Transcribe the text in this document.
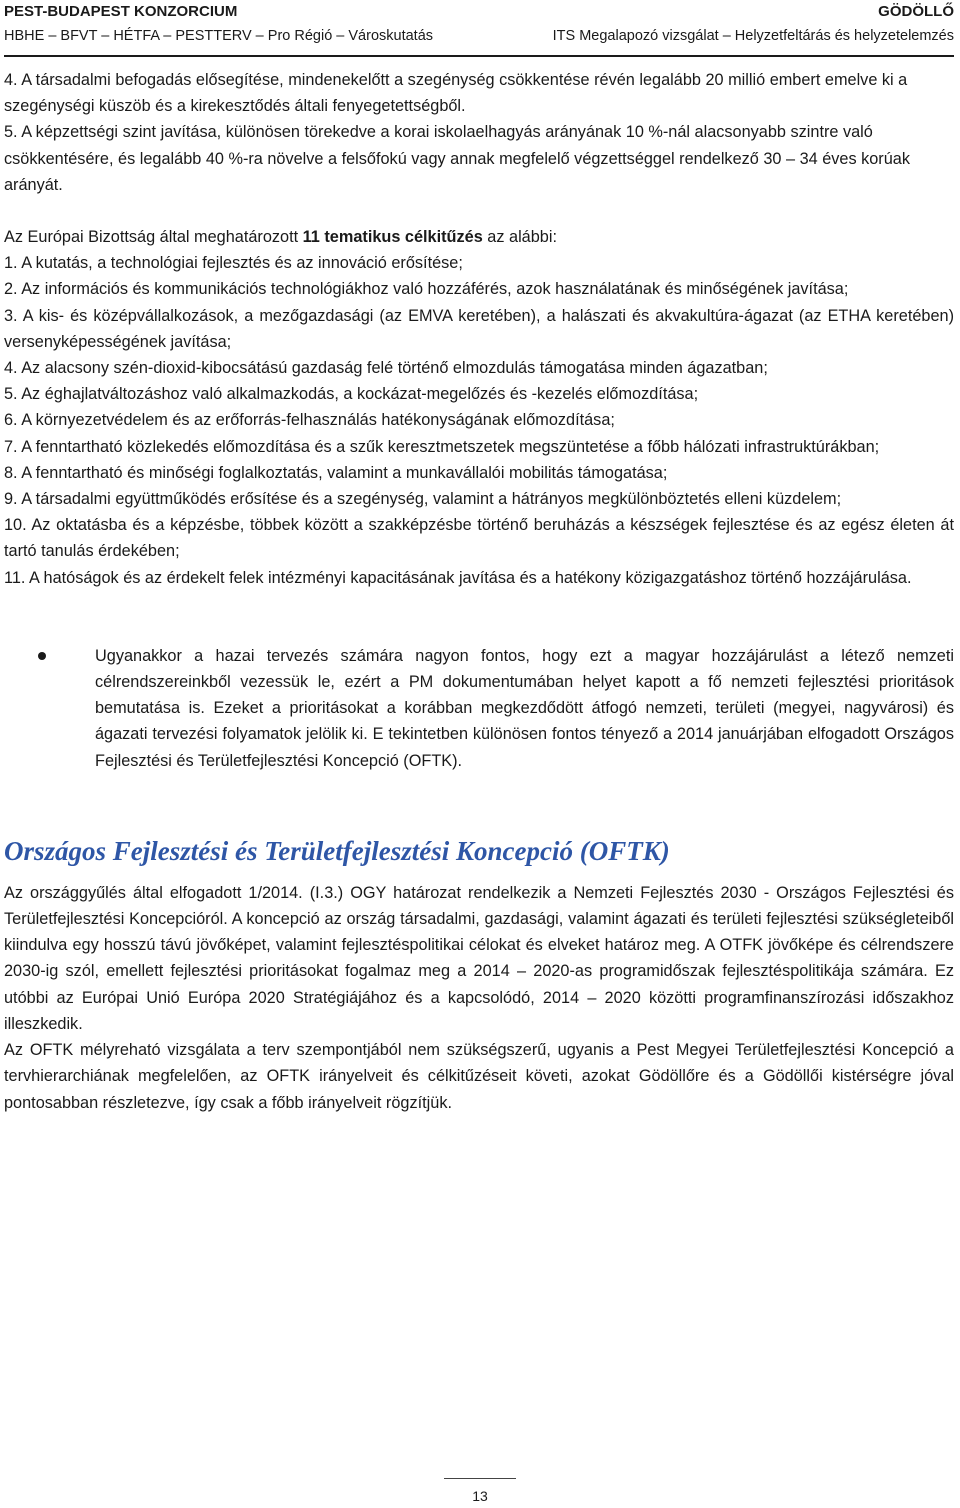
PEST-BUDAPEST KONZORCIUM	GÖDÖLLŐ
HBHE – BFVT – HÉTFA – PESTTERV – Pro Régió – Városkutatás	ITS Megalapozó vizsgálat – Helyzetfeltárás és helyzetelemzés

4. A társadalmi befogadás elősegítése, mindenekelőtt a szegénység csökkentése révén legalább 20 millió embert emelve ki a szegénységi küszöb és a kirekesztődés általi fenyegetettségből.

5. A képzettségi szint javítása, különösen törekedve a korai iskolaelhagyás arányának 10 %-nál alacsonyabb szintre való csökkentésére, és legalább 40 %-ra növelve a felsőfokú vagy annak megfelelő végzettséggel rendelkező 30 – 34 éves korúak arányát.

Az Európai Bizottság által meghatározott 11 tematikus célkitűzés az alábbi:

1. A kutatás, a technológiai fejlesztés és az innováció erősítése;

2. Az információs és kommunikációs technológiákhoz való hozzáférés, azok használatának és minőségének javítása;

3. A kis- és középvállalkozások, a mezőgazdasági (az EMVA keretében), a halászati és akvakultúra-ágazat (az ETHA keretében) versenyképességének javítása;

4. Az alacsony szén-dioxid-kibocsátású gazdaság felé történő elmozdulás támogatása minden ágazatban;

5. Az éghajlatváltozáshoz való alkalmazkodás, a kockázat-megelőzés és -kezelés előmozdítása;

6. A környezetvédelem és az erőforrás-felhasználás hatékonyságának előmozdítása;

7. A fenntartható közlekedés előmozdítása és a szűk keresztmetszetek megszüntetése a főbb hálózati infrastruktúrákban;

8. A fenntartható és minőségi foglalkoztatás, valamint a munkavállalói mobilitás támogatása;

9. A társadalmi együttműködés erősítése és a szegénység, valamint a hátrányos megkülönböztetés elleni küzdelem;

10. Az oktatásba és a képzésbe, többek között a szakképzésbe történő beruházás a készségek fejlesztése és az egész életen át tartó tanulás érdekében;

11. A hatóságok és az érdekelt felek intézményi kapacitásának javítása és a hatékony közigazgatáshoz történő hozzájárulása.

Ugyanakkor a hazai tervezés számára nagyon fontos, hogy ezt a magyar hozzájárulást a létező nemzeti célrendszereinkből vezessük le, ezért a PM dokumentumában helyet kapott a fő nemzeti fejlesztési prioritások bemutatása is. Ezeket a prioritásokat a korábban megkezdődött átfogó nemzeti, területi (megyei, nagyvárosi) és ágazati tervezési folyamatok jelölik ki. E tekintetben különösen fontos tényező a 2014 januárjában elfogadott Országos Fejlesztési és Területfejlesztési Koncepció (OFTK).
Országos Fejlesztési és Területfejlesztési Koncepció (OFTK)

Az országgyűlés által elfogadott 1/2014. (I.3.) OGY határozat rendelkezik a Nemzeti Fejlesztés 2030 - Országos Fejlesztési és Területfejlesztési Koncepcióról. A koncepció az ország társadalmi, gazdasági, valamint ágazati és területi fejlesztési szükségleteiből kiindulva egy hosszú távú jövőképet, valamint fejlesztéspolitikai célokat és elveket határoz meg. A OTFK jövőképe és célrendszere 2030-ig szól, emellett fejlesztési prioritásokat fogalmaz meg a 2014 – 2020-as programidőszak fejlesztéspolitikája számára. Ez utóbbi az Európai Unió Európa 2020 Stratégiájához és a kapcsolódó, 2014 – 2020 közötti programfinanszírozási időszakhoz illeszkedik.

Az OFTK mélyreható vizsgálata a terv szempontjából nem szükségszerű, ugyanis a Pest Megyei Területfejlesztési Koncepció a tervhierarchiának megfelelően, az OFTK irányelveit és célkitűzéseit követi, azokat Gödöllőre és a Gödöllői kistérségre jóval pontosabban részletezve, így csak a főbb irányelveit rögzítjük.

13
